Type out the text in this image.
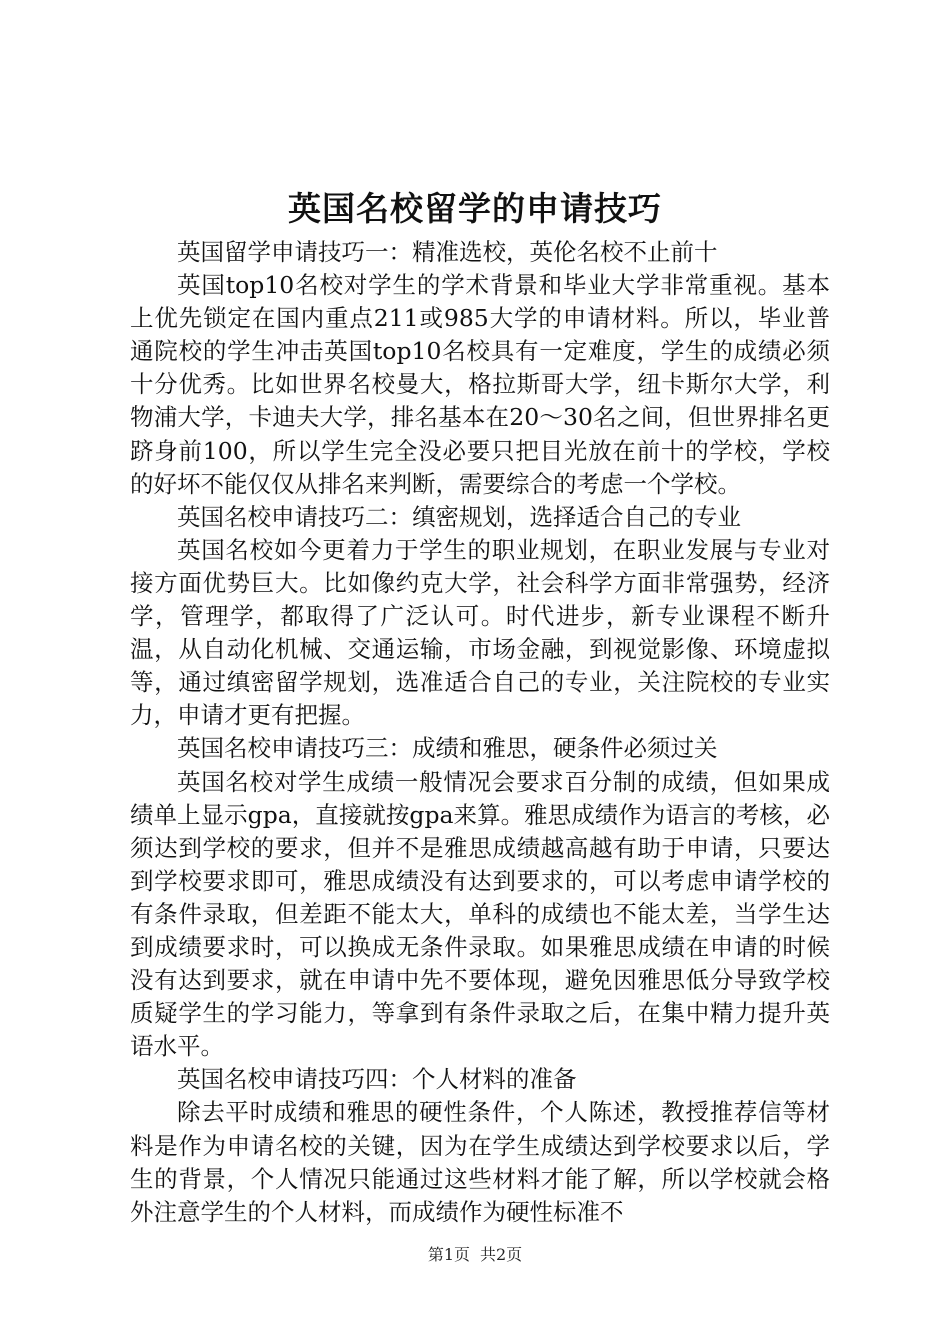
英国名校留学的申请技巧

英国留学申请技巧一：精准选校，英伦名校不止前十

英国top10名校对学生的学术背景和毕业大学非常重视。基本上优先锁定在国内重点211或985大学的申请材料。所以，毕业普通院校的学生冲击英国top10名校具有一定难度，学生的成绩必须十分优秀。比如世界名校曼大，格拉斯哥大学，纽卡斯尔大学，利物浦大学，卡迪夫大学，排名基本在20～30名之间，但世界排名更跻身前100，所以学生完全没必要只把目光放在前十的学校，学校的好坏不能仅仅从排名来判断，需要综合的考虑一个学校。

英国名校申请技巧二：缜密规划，选择适合自己的专业

英国名校如今更着力于学生的职业规划，在职业发展与专业对接方面优势巨大。比如像约克大学，社会科学方面非常强势，经济学，管理学，都取得了广泛认可。时代进步，新专业课程不断升温，从自动化机械、交通运输，市场金融，到视觉影像、环境虚拟等，通过缜密留学规划，选准适合自己的专业，关注院校的专业实力，申请才更有把握。

英国名校申请技巧三：成绩和雅思，硬条件必须过关

英国名校对学生成绩一般情况会要求百分制的成绩，但如果成绩单上显示gpa，直接就按gpa来算。雅思成绩作为语言的考核，必须达到学校的要求，但并不是雅思成绩越高越有助于申请，只要达到学校要求即可，雅思成绩没有达到要求的，可以考虑申请学校的有条件录取，但差距不能太大，单科的成绩也不能太差，当学生达到成绩要求时，可以换成无条件录取。如果雅思成绩在申请的时候没有达到要求，就在申请中先不要体现，避免因雅思低分导致学校质疑学生的学习能力，等拿到有条件录取之后，在集中精力提升英语水平。

英国名校申请技巧四：个人材料的准备

除去平时成绩和雅思的硬性条件，个人陈述，教授推荐信等材料是作为申请名校的关键，因为在学生成绩达到学校要求以后，学生的背景，个人情况只能通过这些材料才能了解，所以学校就会格外注意学生的个人材料，而成绩作为硬性标准不

第1页 共2页
